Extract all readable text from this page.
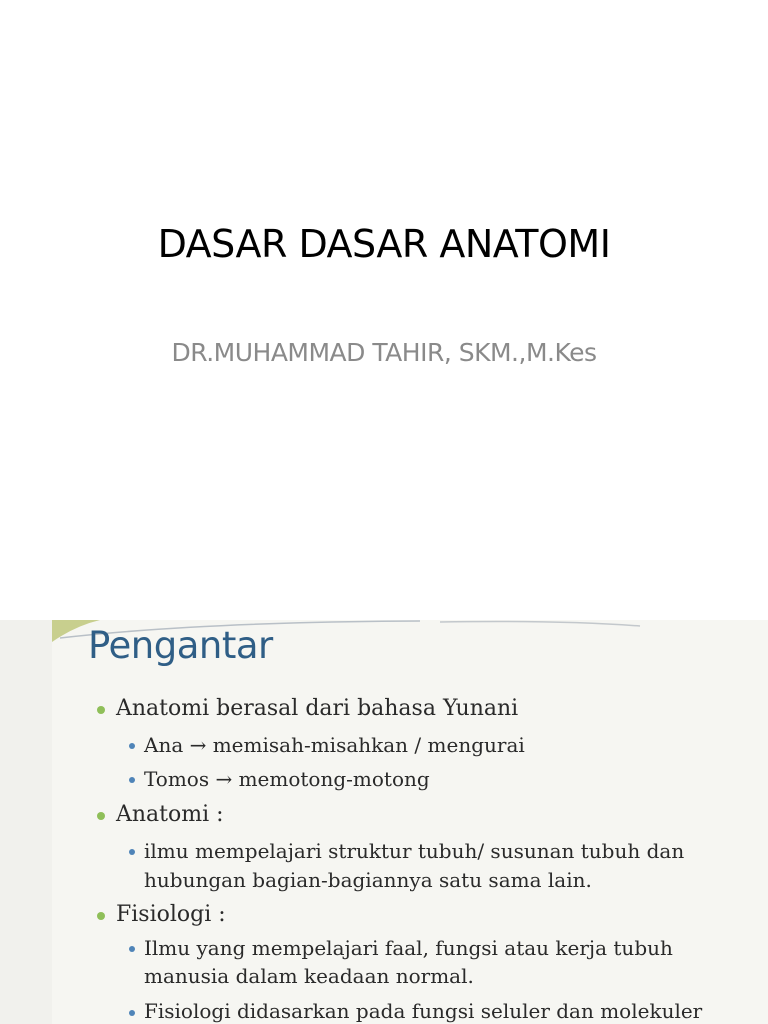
DASAR DASAR ANATOMI
DR.MUHAMMAD TAHIR, SKM.,M.Kes
Pengantar
Anatomi berasal dari bahasa Yunani
Ana → memisah-misahkan / mengurai
Tomos → memotong-motong
Anatomi :
ilmu mempelajari struktur tubuh/ susunan tubuh dan
hubungan bagian-bagiannya satu sama lain.
Fisiologi :
Ilmu yang mempelajari faal, fungsi atau kerja tubuh
manusia dalam keadaan normal.
Fisiologi didasarkan pada fungsi seluler dan molekuler
